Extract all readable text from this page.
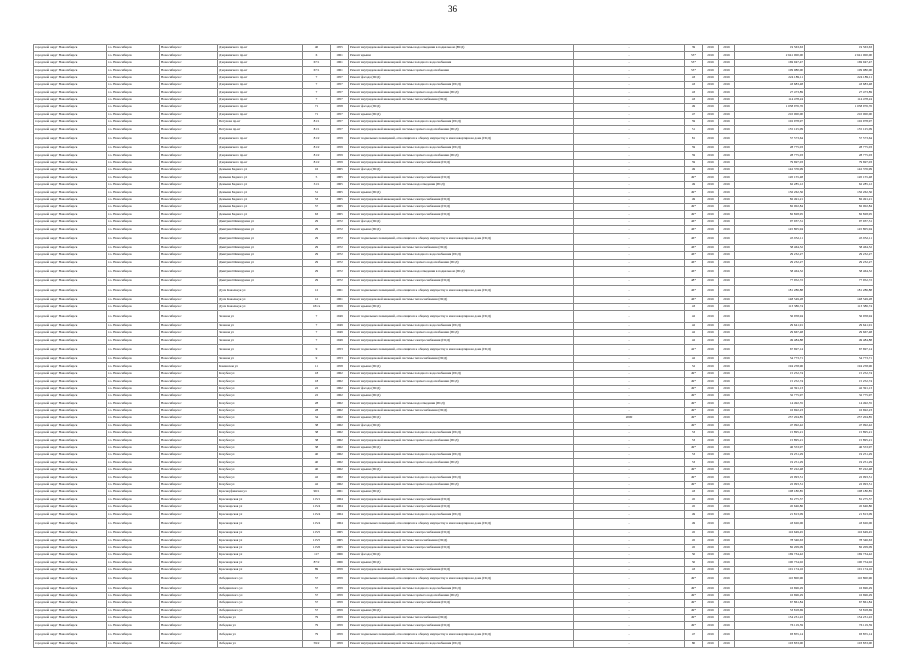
36
городской округ Новосибирск	г.о. Новосибирск	Новосибирск г	Дзержинского пр-кт	40	1955	Ремонт внутридомовой инженерной системы водоотведения в подвальном (ВСД)	-	39	2016	2016	19 563,63	19 563,63
городской округ Новосибирск	г.о. Новосибирск	Новосибирск г	Дзержинского пр-кт	6	1961	Ремонт крыши	-	53*	2016	2016	2 641 000,00	2 641 000,00
городской округ Новосибирск	г.о. Новосибирск	Новосибирск г	Дзержинского пр-кт	67/1	1961	Ремонт внутридомовой инженерной системы холодного водоснабжения	-	53*	2016	2016	169 947,47	169 947,47
городской округ Новосибирск	г.о. Новосибирск	Новосибирск г	Дзержинского пр-кт	67/1	1961	Ремонт внутридомовой инженерной системы горячего водоснабжения	-	53*	2016	2016	109 080,00	109 080,00
городской округ Новосибирск	г.о. Новосибирск	Новосибирск г	Дзержинского пр-кт	7	1957	Ремонт фасада (ПСД)	-	43	2016	2016	224 189,11	224 189,11
городской округ Новосибирск	г.о. Новосибирск	Новосибирск г	Дзержинского пр-кт	7	1957	Ремонт внутридомовой инженерной системы холодного водоснабжения (ПСД)	-	43	2016	2016	43 683,48	43 683,48
городской округ Новосибирск	г.о. Новосибирск	Новосибирск г	Дзержинского пр-кт	7	1957	Ремонт внутридомовой инженерной системы горячего водоснабжения (ПСД)	-	43	2016	2016	27 473,89	27 473,89
городской округ Новосибирск	г.о. Новосибирск	Новосибирск г	Дзержинского пр-кт	7	1957	Ремонт внутридомовой инженерной системы теплоснабжения (ПСД)	-	43	2016	2016	114 478,24	114 478,24
городской округ Новосибирск	г.о. Новосибирск	Новосибирск г	Дзержинского пр-кт	71	1958	Ремонт фасада (ПСД)	-	49	2016	2016	1 038 976,76	1 038 976,76
городской округ Новосибирск	г.о. Новосибирск	Новосибирск г	Дзержинского пр-кт	71	1957	Ремонт крыши (ПСД)	-	47	2016	2016	210 000,00	210 000,00
городской округ Новосибирск	г.о. Новосибирск	Новосибирск г	Петухова пр-кт	81/1	1957	Ремонт внутридомовой инженерной системы холодного водоснабжения (ПСД)	-	59	2016	2016	102 978,97	102 978,97
городской округ Новосибирск	г.о. Новосибирск	Новосибирск г	Петухова пр-кт	81/1	1957	Ремонт внутридомовой инженерной системы горячего водоснабжения (ПСД)	-	51	2016	2016	155 125,09	155 125,09
городской округ Новосибирск	г.о. Новосибирск	Новосибирск г	Дзержинского пр-кт	81/2	1959	Ремонт подвальных помещений, относящихся к общему имуществу в многоквартирном доме (ПСД)	-	81	2016	2016	57 573,64	57 573,64
городской округ Новосибирск	г.о. Новосибирск	Новосибирск г	Дзержинского пр-кт	81/2	1959	Ремонт внутридомовой инженерной системы холодного водоснабжения (ПСД)	-	59	2016	2016	28 775,03	28 775,03
городской округ Новосибирск	г.о. Новосибирск	Новосибирск г	Дзержинского пр-кт	81/2	1959	Ремонт внутридомовой инженерной системы горячего водоснабжения (ПСД)	-	59	2016	2016	28 775,03	28 775,03
городской округ Новосибирск	г.о. Новосибирск	Новосибирск г	Дзержинского пр-кт	81/2	1959	Ремонт внутридомовой инженерной системы электроснабжения (ПСД)	-	59	2016	2016	79 697,03	79 697,03
городской округ Новосибирск	г.о. Новосибирск	Новосибирск г	Демьяна Бедного ул	16	1965	Ремонт фасада (ПСД)	-	49	2016	2016	142 376,99	142 376,99
городской округ Новосибирск	г.о. Новосибирск	Новосибирск г	Демьяна Бедного ул	5	1965	Ремонт внутридомовой инженерной системы электроснабжения (ПСД)	-	49*	2016	2016	120 155,48	120 155,48
городской округ Новосибирск	г.о. Новосибирск	Новосибирск г	Демьяна Бедного ул	31/1	1965	Ремонт внутридомовой инженерной системы водоотведения (ПСД)	-	49	2016	2016	62 285,12	62 285,12
городской округ Новосибирск	г.о. Новосибирск	Новосибирск г	Демьяна Бедного ул	51	1965	Ремонт крыши (ПСД)	-	49*	2016	2016	156 262,56	156 262,56
городской округ Новосибирск	г.о. Новосибирск	Новосибирск г	Демьяна Бедного ул	53	1965	Ремонт внутридомовой инженерной системы электроснабжения (ПСД)	-	49	2016	2016	82 491,21	82 491,21
городской округ Новосибирск	г.о. Новосибирск	Новосибирск г	Демьяна Бедного ул	57	1965	Ремонт внутридомовой инженерной системы электроснабжения (ПСД)	-	49*	2016	2016	82 002,84	82 002,84
городской округ Новосибирск	г.о. Новосибирск	Новосибирск г	Демьяна Бедного ул	63	1965	Ремонт внутридомовой инженерной системы электроснабжения (ПСД)	-	49*	2016	2016	82 828,95	82 828,95
городской округ Новосибирск	г.о. Новосибирск	Новосибирск г	Дмитрия Шамшурина ул	29	1972	Ремонт фасада (ПСД)	-	46*	2016	2016	97 937,31	97 937,31
городской округ Новосибирск	г.о. Новосибирск	Новосибирск г	Дмитрия Шамшурина ул	29	1972	Ремонт крыши (ПСД)	-	46*	2016	2016	145 805,94	145 805,94
городской округ Новосибирск	г.о. Новосибирск	Новосибирск г	Дмитрия Шамшурина ул	29	1972	Ремонт подвальных помещений, относящихся к общему имуществу в многоквартирном доме (ПСД)	-	46*	2016	2016	45 952,11	45 952,11
городской округ Новосибирск	г.о. Новосибирск	Новосибирск г	Дмитрия Шамшурина ул	29	1972	Ремонт внутридомовой инженерной системы теплоснабжения (ПСД)	-	46*	2016	2016	58 464,52	58 464,52
городской округ Новосибирск	г.о. Новосибирск	Новосибирск г	Дмитрия Шамшурина ул	29	1972	Ремонт внутридомовой инженерной системы холодного водоснабжения (ПСД)	-	46*	2016	2016	29 232,27	29 232,27
городской округ Новосибирск	г.о. Новосибирск	Новосибирск г	Дмитрия Шамшурина ул	29	1972	Ремонт внутридомовой инженерной системы горячего водоснабжения (ПСД)	-	46*	2016	2016	29 232,27	29 232,27
городской округ Новосибирск	г.о. Новосибирск	Новосибирск г	Дмитрия Шамшурина ул	29	1972	Ремонт внутридомовой инженерной системы водоотведения в подвальном (ПСД)	-	46*	2016	2016	58 464,52	58 464,52
городской округ Новосибирск	г.о. Новосибирск	Новосибирск г	Дмитрия Шамшурина ул	29	1972	Ремонт внутридомовой инженерной системы электроснабжения (ПСД)	-	48*	2016	2016	77 952,72	77 952,72
городской округ Новосибирск	г.о. Новосибирск	Новосибирск г	Дуси Ковальчук ул	12	1961	Ремонт подвальных помещений, относящихся к общему имуществу в многоквартирном доме (ПСД)	-	46*	2016	2016	181 286,88	181 286,88
городской округ Новосибирск	г.о. Новосибирск	Новосибирск г	Дуси Ковальчук ул	12	1961	Ремонт внутридомовой инженерной системы теплоснабжения (ПСД)	-	46*	2016	2016	148 549,28	148 549,28
городской округ Новосибирск	г.о. Новосибирск	Новосибирск г	Дуси Ковальчук ул	181/а	1959	Ремонт крыши (ПСД)	-	43	2016	2016	113 386,74	113 386,74
городской округ Новосибирск	г.о. Новосибирск	Новосибирск г	Зеленая ул	7	1949	Ремонт подвальных помещений, относящихся к общему имуществу в многоквартирном доме (ПСД)	-	42	2016	2016	56 958,94	56 958,94
городской округ Новосибирск	г.о. Новосибирск	Новосибирск г	Зеленая ул	7	1949	Ремонт внутридомовой инженерной системы холодного водоснабжения (ПСД)	-	42	2016	2016	29 641,91	29 641,91
городской округ Новосибирск	г.о. Новосибирск	Новосибирск г	Зеленая ул	7	1949	Ремонт внутридомовой инженерной системы горячего водоснабжения (ПСД)	-	42	2016	2016	29 667,48	29 667,48
городской округ Новосибирск	г.о. Новосибирск	Новосибирск г	Зеленая ул	7	1949	Ремонт внутридомовой инженерной системы электроснабжения (ПСД)	-	42	2016	2016	49 484,88	49 484,88
городской округ Новосибирск	г.о. Новосибирск	Новосибирск г	Зеленая ул	9	1953	Ремонт подвальных помещений, относящихся к общему имуществу в многоквартирном доме (ПСД)	-	42*	2016	2016	67 697,14	67 697,14
городской округ Новосибирск	г.о. Новосибирск	Новосибирск г	Зеленая ул	9	1953	Ремонт внутридомовой инженерной системы теплоснабжения (ПСД)	-	42	2016	2016	54 773,71	54 773,71
городской округ Новосибирск	г.о. Новосибирск	Новосибирск г	Каменская ул	11	1958	Ремонт крыши (ПСД)	-	52	2016	2016	194 258,96	194 258,96
городской округ Новосибирск	г.о. Новосибирск	Новосибирск г	Кочубея ул	18	1962	Ремонт внутридомовой инженерной системы холодного водоснабжения (ПСД)	-	49*	2016	2016	15 252,74	15 252,74
городской округ Новосибирск	г.о. Новосибирск	Новосибирск г	Кочубея ул	18	1962	Ремонт внутридомовой инженерной системы горячего водоснабжения (ПСД)	-	49*	2016	2016	15 252,74	15 252,74
городской округ Новосибирск	г.о. Новосибирск	Новосибирск г	Кочубея ул	22	1962	Ремонт фасада (ПСД)	-	49*	2016	2016	42 391,13	42 391,13
городской округ Новосибирск	г.о. Новосибирск	Новосибирск г	Кочубея ул	22	1962	Ремонт крыши (ПСД)	-	49*	2016	2016	32 775,97	32 775,97
городской округ Новосибирск	г.о. Новосибирск	Новосибирск г	Кочубея ул	28	1962	Ремонт внутридомовой инженерной системы водоотведения (ПСД)	-	49*	2016	2016	14 492,35	14 492,35
городской округ Новосибирск	г.о. Новосибирск	Новосибирск г	Кочубея ул	28	1962	Ремонт внутридомовой инженерной системы теплоснабжения (ПСД)	-	49*	2016	2016	16 692,23	16 692,23
городской округ Новосибирск	г.о. Новосибирск	Новосибирск г	Кочубея ул	34	1962	Ремонт крыши (ПСД)	2000	49*	2016	2016	257 204,85	257 204,85
городской округ Новосибирск	г.о. Новосибирск	Новосибирск г	Кочубея ул	38	1962	Ремонт фасада (ПСД)	-	49*	2016	2016	47 092,42	47 092,42
городской округ Новосибирск	г.о. Новосибирск	Новосибирск г	Кочубея ул	38	1962	Ремонт внутридомовой инженерной системы холодного водоснабжения (ПСД)	-	53	2016	2016	15 895,21	15 895,21
городской округ Новосибирск	г.о. Новосибирск	Новосибирск г	Кочубея ул	38	1962	Ремонт внутридомовой инженерной системы горячего водоснабжения (ПСД)	-	53	2016	2016	15 895,21	15 895,21
городской округ Новосибирск	г.о. Новосибирск	Новосибирск г	Кочубея ул	38	1962	Ремонт крыши (ПСД)	-	49*	2016	2016	46 553,97	46 553,97
городской округ Новосибирск	г.о. Новосибирск	Новосибирск г	Кочубея ул	40	1962	Ремонт внутридомовой инженерной системы холодного водоснабжения (ПСД)	-	53	2016	2016	19 251,29	19 251,29
городской округ Новосибирск	г.о. Новосибирск	Новосибирск г	Кочубея ул	40	1962	Ремонт внутридомовой инженерной системы горячего водоснабжения (ПСД)	-	53	2016	2016	19 251,29	19 251,29
городской округ Новосибирск	г.о. Новосибирск	Новосибирск г	Кочубея ул	40	1962	Ремонт крыши (ПСД)	-	49*	2016	2016	87 222,48	87 222,48
городской округ Новосибирск	г.о. Новосибирск	Новосибирск г	Кочубея ул	42	1962	Ремонт внутридомовой инженерной системы холодного водоснабжения (ПСД)	-	49*	2016	2016	22 093,51	22 093,51
городской округ Новосибирск	г.о. Новосибирск	Новосибирск г	Кочубея ул	42	1962	Ремонт внутридомовой инженерной системы горячего водоснабжения (ПСД)	-	49*	2016	2016	22 093,51	22 093,51
городской округ Новосибирск	г.о. Новосибирск	Новосибирск г	Красноуфимская ул	96/1	1961	Ремонт крыши (ПСД)	-	43	2016	2016	108 180,85	108 180,85
городской округ Новосибирск	г.о. Новосибирск	Новосибирск г	Красноярская ул	115/1	1964	Ремонт внутридомовой инженерной системы электроснабжения (ПСД)	-	45	2016	2016	81 275,57	81 275,57
городской округ Новосибирск	г.о. Новосибирск	Новосибирск г	Красноярская ул	115/4	1964	Ремонт внутридомовой инженерной системы электроснабжения (ПСД)	-	45	2016	2016	45 646,86	45 646,86
городской округ Новосибирск	г.о. Новосибирск	Новосибирск г	Красноярская ул	115/4	1964	Ремонт внутридомовой инженерной системы холодного водоснабжения (ПСД)	-	49	2016	2016	21 813,09	21 813,09
городской округ Новосибирск	г.о. Новосибирск	Новосибирск г	Красноярская ул	115/4	1964	Ремонт подвальных помещений, относящихся к общему имуществу в многоквартирном доме (ПСД)	-	49	2016	2016	43 626,06	43 626,06
городской округ Новосибирск	г.о. Новосибирск	Новосибирск г	Красноярская ул	115/5	1965	Ремонт внутридомовой инженерной системы электроснабжения (ПСД)	-	45	2016	2016	116 649,45	116 649,45
городской округ Новосибирск	г.о. Новосибирск	Новосибирск г	Красноярская ул	115/5	1965	Ремонт внутридомовой инженерной системы теплоснабжения (ПСД)	-	45	2016	2016	78 346,63	78 346,63
городской округ Новосибирск	г.о. Новосибирск	Новосибирск г	Красноярская ул	115/6	1965	Ремонт внутридомовой инженерной системы электроснабжения (ПСД)	-	45	2016	2016	82 209,09	82 209,09
городской округ Новосибирск	г.о. Новосибирск	Новосибирск г	Красноярская ул	117	1966	Ремонт фасада (ПСД)	-	50	2016	2016	169 734,42	169 734,42
городской округ Новосибирск	г.о. Новосибирск	Новосибирск г	Красноярская ул	87/2	1966	Ремонт крыши (ПСД)	-	50	2016	2016	100 754,02	100 754,02
городской округ Новосибирск	г.о. Новосибирск	Новосибирск г	Красноярская ул	89	1959	Ремонт внутридомовой инженерной системы электроснабжения (ПСД)	-	43	2016	2016	101 174,16	101 174,16
городской округ Новосибирск	г.о. Новосибирск	Новосибирск г	Лебединского ул	57	1959	Ремонт подвальных помещений, относящихся к общему имуществу в многоквартирном доме (ПСД)	-	49*	2016	2016	110 800,96	110 800,96
городской округ Новосибирск	г.о. Новосибирск	Новосибирск г	Лебединского ул	57	1959	Ремонт внутридомовой инженерной системы холодного водоснабжения (ПСД)	-	49*	2016	2016	16 696,29	16 696,29
городской округ Новосибирск	г.о. Новосибирск	Новосибирск г	Лебединского ул	57	1959	Ремонт внутридомовой инженерной системы горячего водоснабжения (ПСД)	-	49*	2016	2016	16 696,29	16 696,29
городской округ Новосибирск	г.о. Новосибирск	Новосибирск г	Лебединского ул	57	1959	Ремонт внутридомовой инженерной системы электроснабжения (ПСД)	-	49*	2016	2016	67 861,84	67 861,84
городской округ Новосибирск	г.о. Новосибирск	Новосибирск г	Лебединского ул	57	1959	Ремонт крыши (ПСД)	-	49*	2016	2016	53 818,69	53 818,69
городской округ Новосибирск	г.о. Новосибирск	Новосибирск г	Лебедева ул	79	1959	Ремонт внутридомовой инженерной системы теплоснабжения (ПСД)	-	49*	2016	2016	154 231,22	154 231,22
городской округ Новосибирск	г.о. Новосибирск	Новосибирск г	Лебедева ул	79	1959	Ремонт внутридомовой инженерной системы электроснабжения (ПСД)	-	49*	2016	2016	76 119,59	76 119,59
городской округ Новосибирск	г.о. Новосибирск	Новосибирск г	Лебедева ул	79	1959	Ремонт подвальных помещений, относящихся к общему имуществу в многоквартирном доме (ПСД)	-	47	2016	2016	93 855,14	93 855,14
городской округ Новосибирск	г.о. Новосибирск	Новосибирск г	Лебедева ул	59/2	1959	Ремонт внутридомовой инженерной системы холодного водоснабжения (ПСД)	-	80	2016	2016	103 833,00	103 833,00
